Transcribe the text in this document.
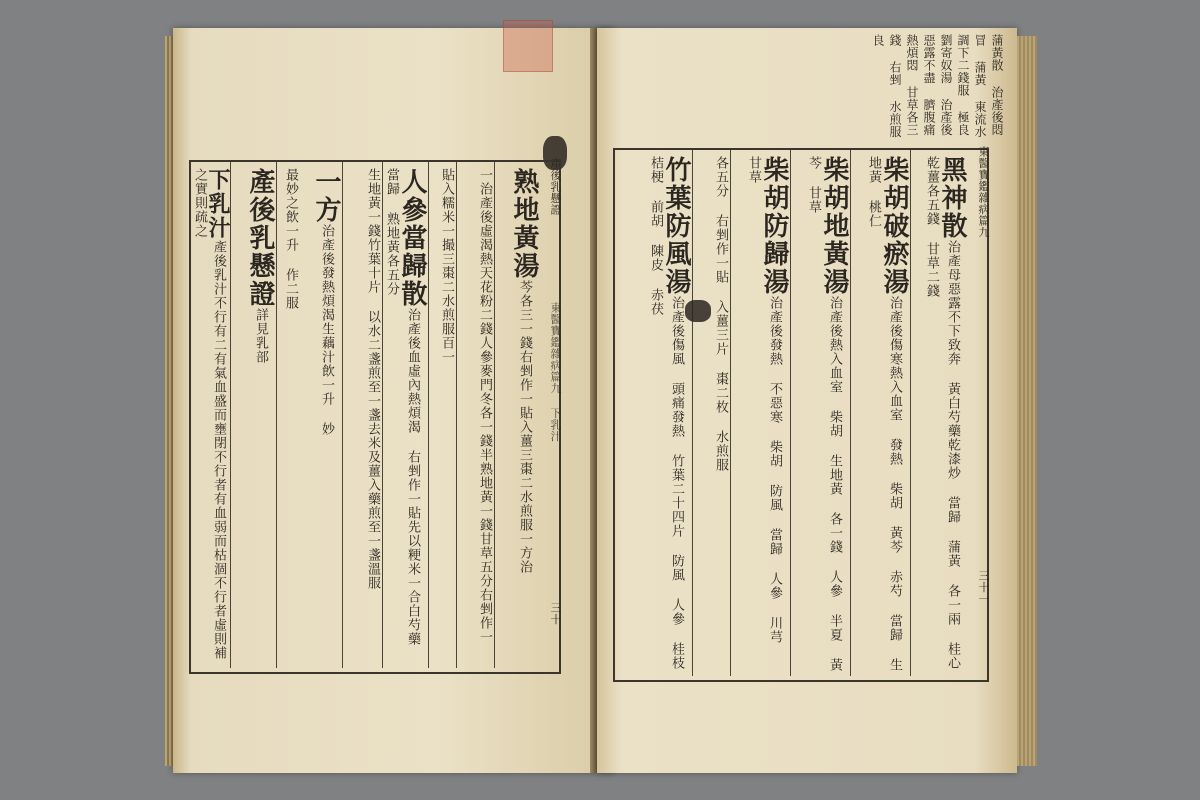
産後乳懸證
東醫寶鑑雜病篇九 下乳汁
三十
熟地黃湯芩各三一錢右剉作一貼入薑三棗二水煎服一方治
一治產後虛渴熱天花粉二錢人參麥門冬各一錢半熟地黃一錢甘草五分右剉作一
貼入糯米一撮三棗二水煎服百一
人參當歸散治產後血虛內熱煩渴 右剉作一貼先以粳米一合白芍藥 當歸 熟地黃各五分
生地黃一錢竹葉十片 以水二盞煎至一盞去米及薑入藥煎至一盞溫服
一方治產後發熱煩渴生藕汁飲一升 妙
最妙之飲一升 作二服
產後乳懸證詳見乳部
下乳汁產後乳汁不行有二有氣血盛而壅閉不行者有血弱而枯涸不行者虛則補之實則疏之
蒲黃散 治產後悶冒 蒲黃 東流水調下二錢服 極良 劉寄奴湯 治產後惡露不盡 臍腹痛 熱煩悶 甘草各三錢 右剉 水煎服 良
東醫寶鑑雜病篇九
三十一
黑神散治產母惡露不下致奔 黃白芍藥乾漆炒 當歸 蒲黃 各一兩 桂心 乾薑各五錢 甘草二錢
柴胡破瘀湯治產後傷寒熱入血室 發熱 柴胡 黃芩 赤芍 當歸 生地黃 桃仁
柴胡地黃湯治產後熱入血室 柴胡 生地黃 各一錢 人參 半夏 黃芩 甘草
柴胡防歸湯治產後發熱 不惡寒 柴胡 防風 當歸 人參 川芎 甘草
各五分 右剉作一貼 入薑三片 棗二枚 水煎服
竹葉防風湯治產後傷風 頭痛發熱 竹葉二十四片 防風 人參 桂枝 桔梗 前胡 陳皮 赤茯
